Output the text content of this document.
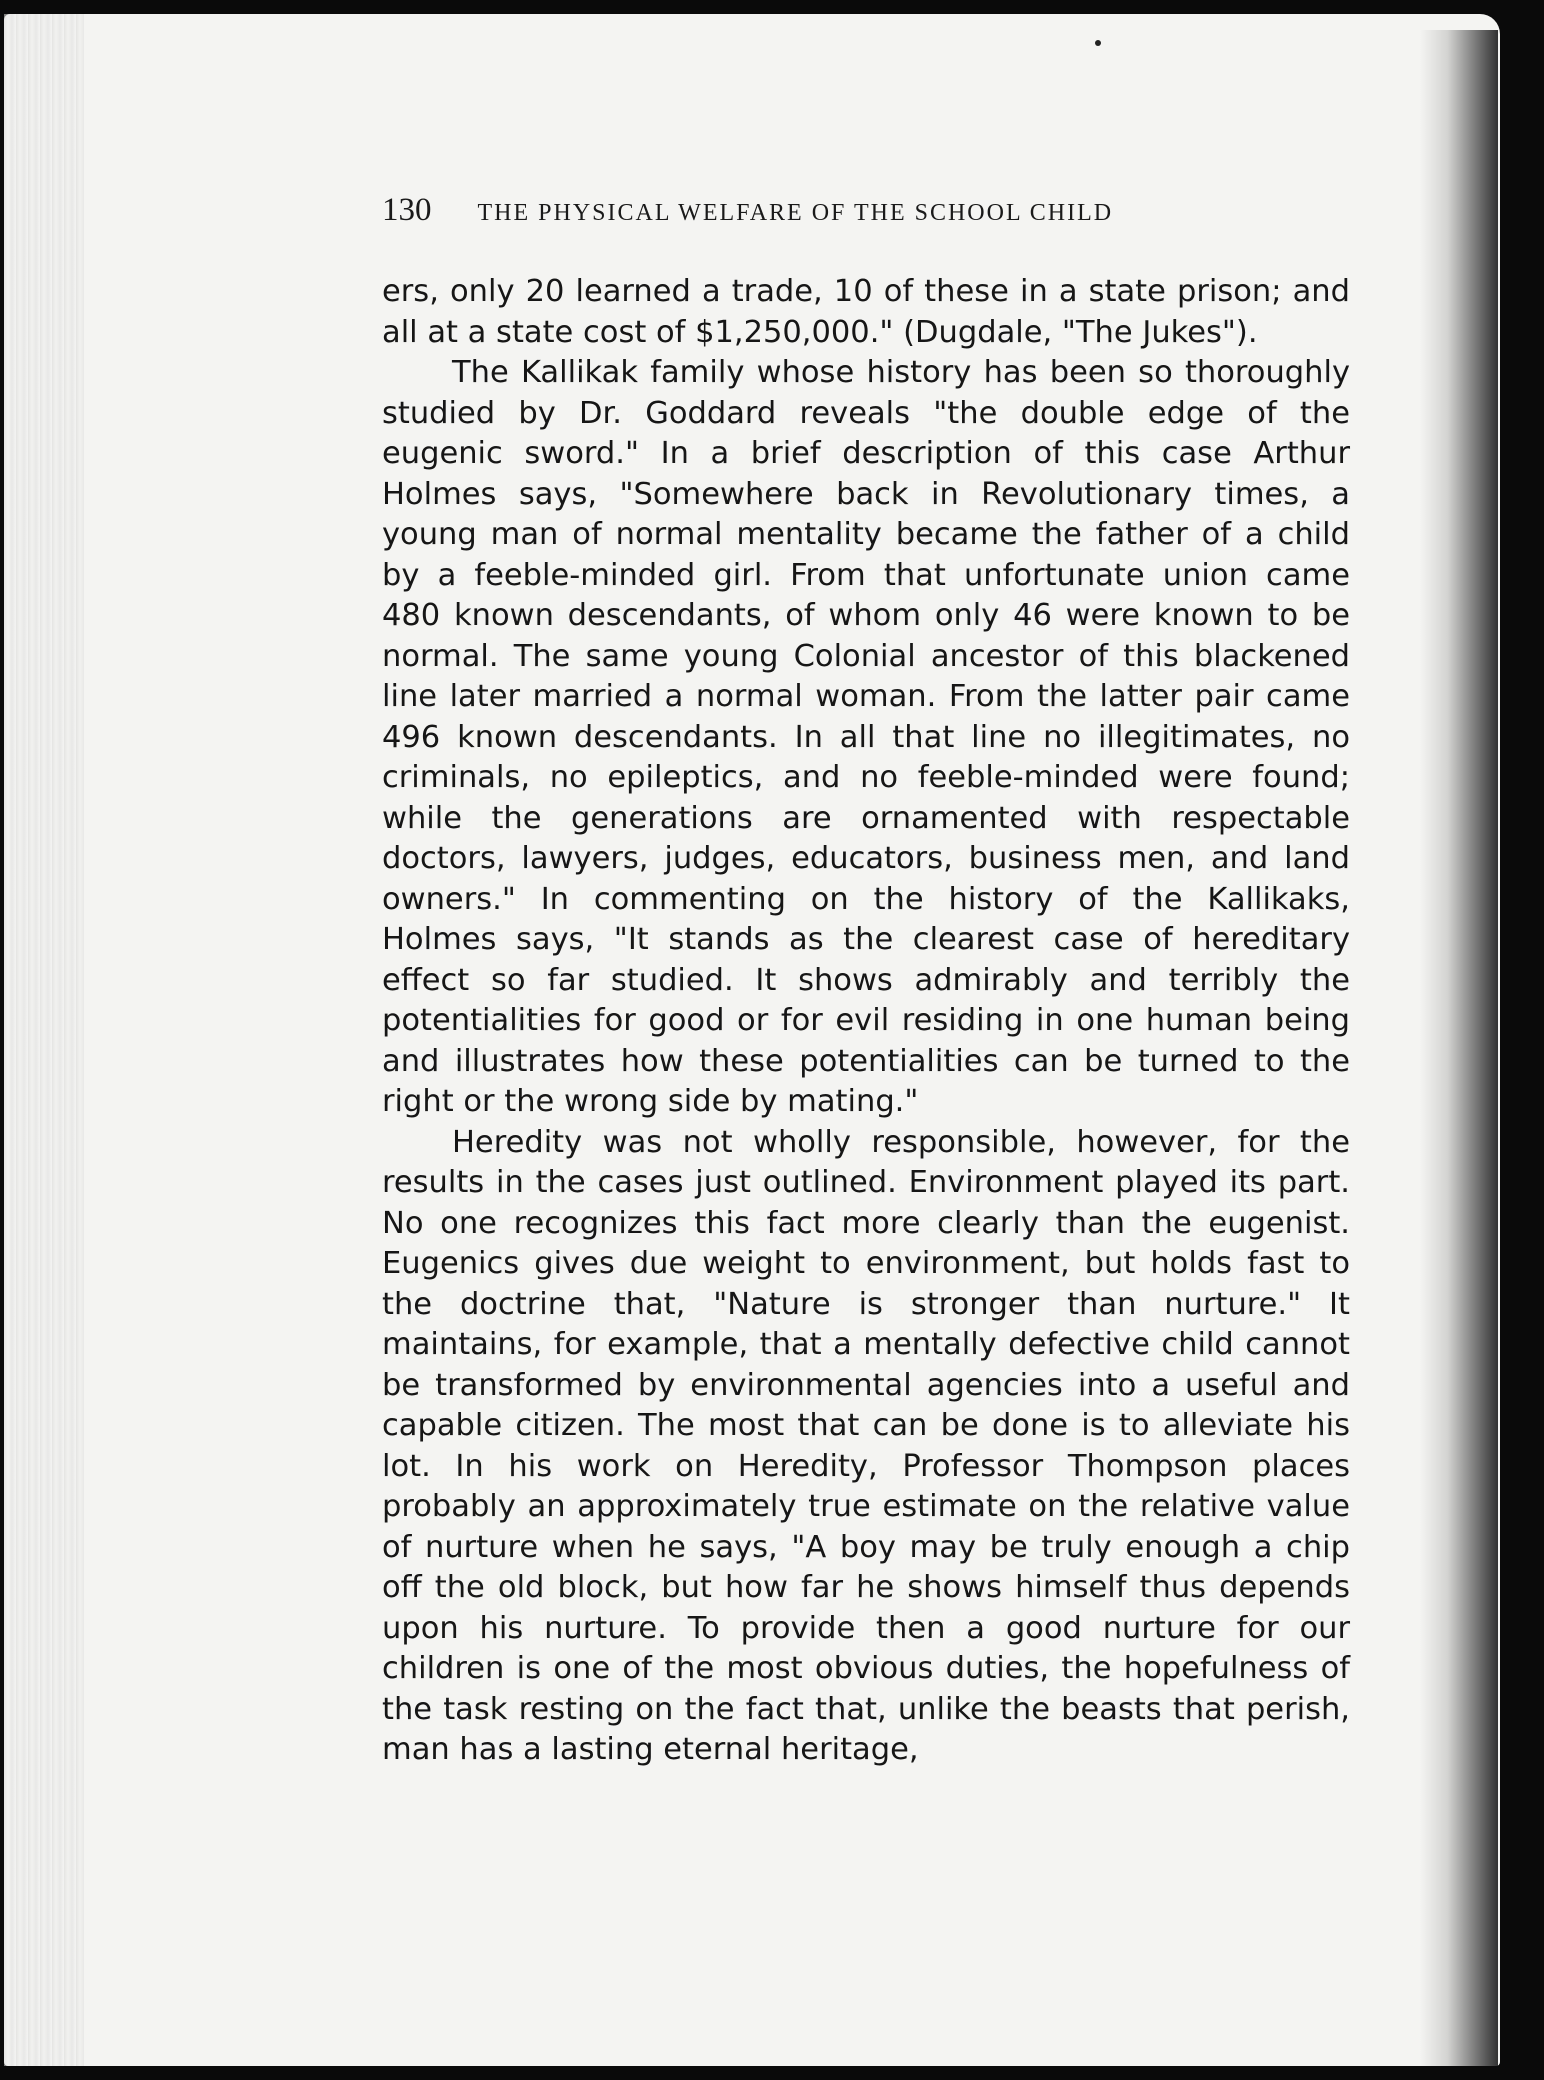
130 THE PHYSICAL WELFARE OF THE SCHOOL CHILD

ers, only 20 learned a trade, 10 of these in a state prison; and all at a state cost of $1,250,000." (Dugdale, "The Jukes").

The Kallikak family whose history has been so thoroughly studied by Dr. Goddard reveals "the double edge of the eugenic sword." In a brief description of this case Arthur Holmes says, "Somewhere back in Revolutionary times, a young man of normal mentality became the father of a child by a feeble-minded girl. From that unfortunate union came 480 known descendants, of whom only 46 were known to be normal. The same young Colonial ancestor of this blackened line later married a normal woman. From the latter pair came 496 known descendants. In all that line no illegitimates, no criminals, no epileptics, and no feeble-minded were found; while the generations are ornamented with respectable doctors, lawyers, judges, educators, business men, and land owners." In commenting on the history of the Kallikaks, Holmes says, "It stands as the clearest case of hereditary effect so far studied. It shows admirably and terribly the potentialities for good or for evil residing in one human being and illustrates how these potentialities can be turned to the right or the wrong side by mating."

Heredity was not wholly responsible, however, for the results in the cases just outlined. Environment played its part. No one recognizes this fact more clearly than the eugenist. Eugenics gives due weight to environment, but holds fast to the doctrine that, "Nature is stronger than nurture." It maintains, for example, that a mentally defective child cannot be transformed by environmental agencies into a useful and capable citizen. The most that can be done is to alleviate his lot. In his work on Heredity, Professor Thompson places probably an approximately true estimate on the relative value of nurture when he says, "A boy may be truly enough a chip off the old block, but how far he shows himself thus depends upon his nurture. To provide then a good nurture for our children is one of the most obvious duties, the hopefulness of the task resting on the fact that, unlike the beasts that perish, man has a lasting eternal heritage,
